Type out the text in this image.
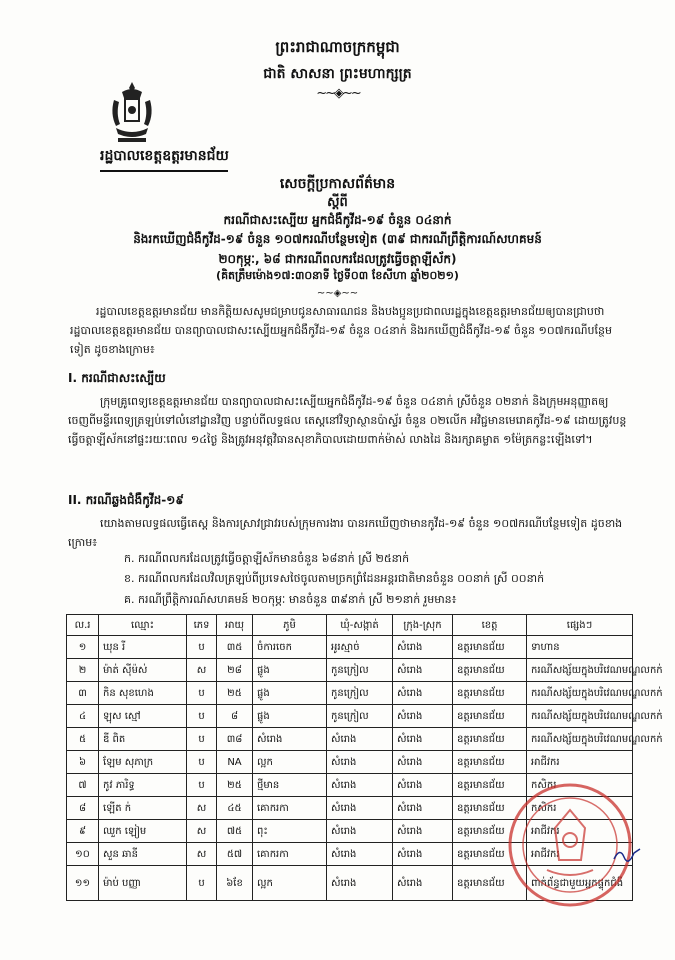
ព្រះរាជាណាចក្រកម្ពុជា
ជាតិ សាសនា ព្រះមហាក្សត្រ
~~◈~~
រដ្ឋបាលខេត្តឧត្តរមានជ័យ
សេចក្តីប្រកាសព័ត៌មាន
ស្តីពី
ករណីជាសះស្បើយ អ្នកជំងឺកូវីដ-១៩ ចំនួន ០៤នាក់
និងរកឃើញជំងឺកូវីដ-១៩ ចំនួន ១០៧ករណីបន្ថែមទៀត (៣៩ ជាករណីព្រឹត្តិការណ៍សហគមន៍
២០កុម្ភៈ, ៦៨ ជាករណីពលករដែលត្រូវធ្វើចត្តាឡីស័ក)
(គិតត្រឹមម៉ោង១៧:៣០នាទី ថ្ងៃទី០៣ ខែសីហា ឆ្នាំ២០២១)
~~◈~~
រដ្ឋបាលខេត្តឧត្តរមានជ័យ មានកិត្តិយសសូមជម្រាបជូនសាធារណជន និងបងប្អូនប្រជាពលរដ្ឋក្នុងខេត្តឧត្តរមានជ័យឲ្យបានជ្រាបថា រដ្ឋបាលខេត្តឧត្តរមានជ័យ បានព្យាបាលជាសះស្បើយអ្នកជំងឺកូវីដ-១៩ ចំនួន ០៤នាក់ និងរកឃើញជំងឺកូវីដ-១៩ ចំនួន ១០៧ករណីបន្ថែមទៀត ដូចខាងក្រោម៖
I. ករណីជាសះស្បើយ
ក្រុមគ្រូពេទ្យខេត្តឧត្តរមានជ័យ បានព្យាបាលជាសះស្បើយអ្នកជំងឺកូវីដ-១៩ ចំនួន ០៤នាក់ ស្រីចំនួន ០២នាក់ និងក្រុមអនុញ្ញាតឲ្យចេញពីមន្ទីរពេទ្យត្រឡប់ទៅលំនៅដ្ឋានវិញ បន្ទាប់ពីលទ្ធផល តេស្តនៅវិទ្យាស្ថានប៉ាស្ទ័រ ចំនួន ០២លើក អវិជ្ជមានមេរោគកូវីដ-១៩ ដោយត្រូវបន្តធ្វើចត្តាឡីស័កនៅផ្ទះរយៈពេល ១៤ថ្ងៃ និងត្រូវអនុវត្តវិធានសុខាភិបាលដោយពាក់ម៉ាស់ លាងដៃ និងរក្សាគម្លាត ១ម៉ែត្រកន្លះឡើងទៅ។
II. ករណីឆ្លងជំងឺកូវីដ-១៩
យោងតាមលទ្ធផលធ្វើតេស្ត និងការស្រាវជ្រាវរបស់ក្រុមការងារ បានរកឃើញថាមានកូវីដ-១៩ ចំនួន ១០៧ករណីបន្ថែមទៀត ដូចខាងក្រោម៖
ក. ករណីពលករដែលត្រូវធ្វើចត្តាឡីស័កមានចំនួន ៦៨នាក់ ស្រី ២៥នាក់
ខ. ករណីពលករដែលវិលត្រឡប់ពីប្រទេសថៃចូលតាមច្រកព្រំដែនអន្តរជាតិមានចំនួន ០០នាក់ ស្រី ០០នាក់
គ. ករណីព្រឹត្តិការណ៍សហគមន៍ ២០កុម្ភៈ មានចំនួន ៣៩នាក់ ស្រី ២១នាក់ រួមមាន៖
ល.រ	ឈ្មោះ	ភេទ	អាយុ	ភូមិ	ឃុំ-សង្កាត់	ក្រុង-ស្រុក	ខេត្ត	ផ្សេងៗ
១	ឃុន រី	ប	៣៥	ចំការចេក	អូរស្មាច់	សំរោង	ឧត្តរមានជ័យ	ទាហាន
២	ម៉ាត់ ស៊ីម៉ស់	ស	២៨	ផ្លូង	កូនក្រៀល	សំរោង	ឧត្តរមានជ័យ	ករណីសង្ស័យក្នុងបរិវេណមណ្ឌលកក់
៣	កិន សុខហេង	ប	២៥	ផ្លូង	កូនក្រៀល	សំរោង	ឧត្តរមានជ័យ	ករណីសង្ស័យក្នុងបរិវេណមណ្ឌលកក់
៤	ឡុស ស្មៅ	ប	៨	ផ្លូង	កូនក្រៀល	សំរោង	ឧត្តរមានជ័យ	ករណីសង្ស័យក្នុងបរិវេណមណ្ឌលកក់
៥	ឌី ពិត	ប	៣៨	សំរោង	សំរោង	សំរោង	ឧត្តរមានជ័យ	ករណីសង្ស័យក្នុងបរិវេណមណ្ឌលកក់
៦	ឡែម សុភាក្រ	ប	NA	ល្អក	សំរោង	សំរោង	ឧត្តរមានជ័យ	អាជីវករ
៧	កូវ ភារិទ្ធ	ប	២៥	ថ្មីមាន	សំរោង	សំរោង	ឧត្តរមានជ័យ	កសិករ
៨	ឡើត ក់	ស	៤៥	គោករកា	សំរោង	សំរោង	ឧត្តរមានជ័យ	កសិករ
៩	ឈួក ឡៀម	ស	៧៥	ពុះ	សំរោង	សំរោង	ឧត្តរមានជ័យ	អាជីវករ
១០	សួន ឆានី	ស	៥៧	គោករកា	សំរោង	សំរោង	ឧត្តរមានជ័យ	អាជីវករ
១១	ម៉ាប់ បញ្ញា	ប	៦ខែ	ល្អក	សំរោង	សំរោង	ឧត្តរមានជ័យ	ពាក់ព័ន្ធជាមួយអ្នកផ្ទុកជំងឺ
